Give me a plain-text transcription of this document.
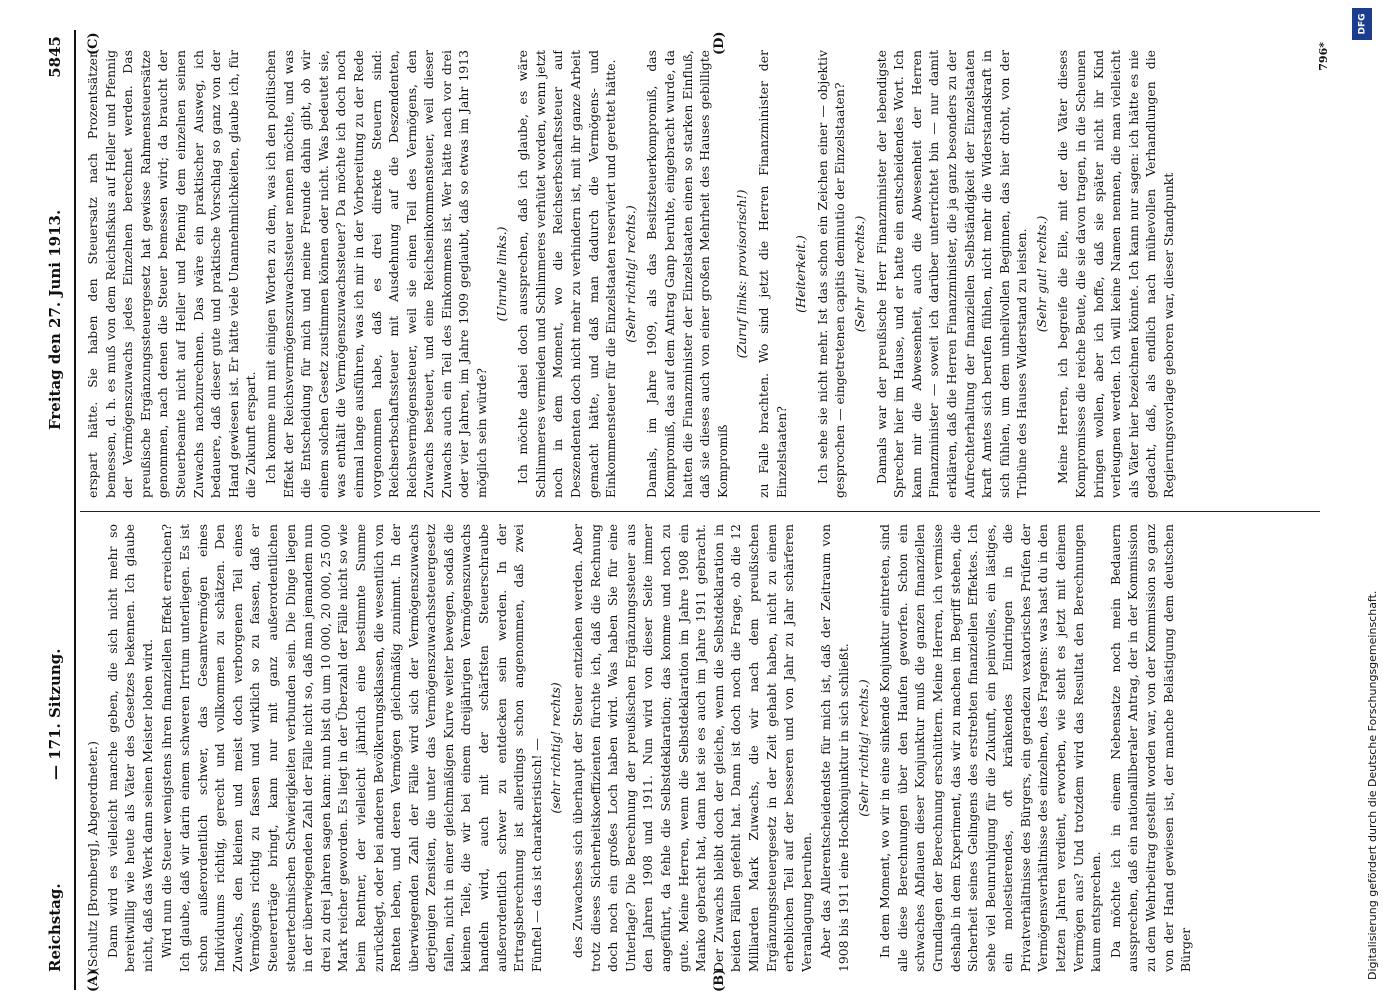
Reichstag.
— 171. Sitzung.
Freitag den 27. Juni 1913.
5845
(A)	(B)
(C)	(D)

(Schultz [Bromberg], Abgeordneter.) Dann wird es vielleicht manche geben, die sich nicht mehr so bereitwillig wie heute als Väter des Gesetzes bekennen. Ich glaube nicht, daß das Werk dann seinen Meister loben wird. Wird nun die Steuer wenigstens ihren finanziellen Effekt erreichen? Ich glaube, daß wir darin einem schweren Irrtum unterliegen. Es ist schon außerordentlich schwer, das Gesamtvermögen eines Individuums richtig, gerecht und vollkommen zu schätzen. Den Zuwachs, den kleinen und meist doch verborgenen Teil eines Vermögens richtig zu fassen und wirklich so zu fassen, daß er Steuererträge bringt, kann nur mit ganz außerordentlichen steuertechnischen Schwierigkeiten verbunden sein. Die Dinge liegen in der überwiegenden Zahl der Fälle nicht so, daß man jemandem nun drei zu drei Jahren sagen kann: nun bist du um 10 000, 20 000, 25 000 Mark reicher geworden. Es liegt in der Überzahl der Fälle nicht so wie beim Rentner, der vielleicht jährlich eine bestimmte Summe zurücklegt, oder bei anderen Bevölkerungsklassen, die wesentlich von Renten leben, und deren Vermögen gleichmäßig zunimmt. In der überwiegenden Zahl der Fälle wird sich der Vermögenszuwachs derjenigen Zensiten, die unter das Vermögenszuwachssteuergesetz fallen, nicht in einer gleichmäßigen Kurve weiter bewegen, sodaß die kleinen Teile, die wir bei einem dreijährigen Vermögenszuwachs handeln wird, auch mit der schärfsten Steuerschraube außerordentlich schwer zu entdecken sein werden. In der Ertragsberechnung ist allerdings schon angenommen, daß zwei Fünftel — das ist charakteristisch! — (sehr richtig! rechts) des Zuwachses sich überhaupt der Steuer entziehen werden. Aber trotz dieses Sicherheitskoeffizienten fürchte ich, daß die Rechnung doch noch ein großes Loch haben wird. Was haben Sie für eine Unterlage? Die Berechnung der preußischen Ergänzungssteuer aus den Jahren 1908 und 1911. Nun wird von dieser Seite immer angeführt, da fehle die Selbstdeklaration; das komme und noch zu gute. Meine Herren, wenn die Selbstdeklaration im Jahre 1908 ein Manko gebracht hat, dann hat sie es auch im Jahre 1911 gebracht. Der Zuwachs bleibt doch der gleiche, wenn die Selbstdeklaration in beiden Fällen gefehlt hat. Dann ist doch noch die Frage, ob die 12 Milliarden Mark Zuwachs, die wir nach dem preußischen Ergänzungssteuergesetz in der Zeit gehabt haben, nicht zu einem erheblichen Teil auf der besseren und von Jahr zu Jahr schärferen Veranlagung beruhen. Aber das Allerentscheidendste für mich ist, daß der Zeitraum von 1908 bis 1911 eine Hochkonjunktur in sich schließt. (Sehr richtig! rechts.) In dem Moment, wo wir in eine sinkende Konjunktur eintreten, sind alle diese Berechnungen über den Haufen geworfen. Schon ein schwaches Abflauen dieser Konjunktur muß die ganzen finanziellen Grundlagen der Berechnung erschüttern. Meine Herren, ich vermisse deshalb in dem Experiment, das wir zu machen im Begriff stehen, die Sicherheit seines Gelingens des erstrebten finanziellen Effektes. Ich sehe viel Beunruhigung für die Zukunft, ein peinvolles, ein lästiges, ein molestierendes, oft kränkendes Eindringen in die Privatverhältnisse des Bürgers, ein geradezu vexatorisches Prüfen der Vermögensverhältnisse des einzelnen, des Fragens: was hast du in den letzten Jahren verdient, erworben, wie steht es jetzt mit deinem Vermögen aus? Und trotzdem wird das Resultat den Berechnungen kaum entsprechen. Da möchte ich in einem Nebensatze noch mein Bedauern aussprechen, daß ein nationalliberaler Antrag, der in der Kommission zu dem Wehrbeitrag gestellt worden war, von der Kommission so ganz von der Hand gewiesen ist, der manche Belästigung dem deutschen Bürger

erspart hätte. Sie haben den Steuersatz nach Prozentsätzen bemessen, d. h. es muß von dem Reichsfiskus auf Heller und Pfennig der Vermögenszuwachs jedes Einzelnen berechnet werden. Das preußische Ergänzungssteuergesetz hat gewisse Rahmensteuersätze genommen, nach denen die Steuer bemessen wird; da braucht der Steuerbeamte nicht auf Heller und Pfennig dem einzelnen seinen Zuwachs nachzurechnen. Das wäre ein praktischer Ausweg, ich bedauere, daß dieser gute und praktische Vorschlag so ganz von der Hand gewiesen ist. Er hätte viele Unannehmlichkeiten, glaube ich, für die Zukunft erspart. Ich komme nun mit einigen Worten zu dem, was ich den politischen Effekt der Reichsvermögenszuwachssteuer nennen möchte, und was die Entscheidung für mich und meine Freunde dahin gibt, ob wir einem solchen Gesetz zustimmen können oder nicht. Was bedeutet sie, was enthält die Vermögenszuwachssteuer? Da möchte ich doch noch einmal lange ausführen, was ich mir in der Vorbereitung zu der Rede vorgenommen habe, daß es drei direkte Steuern sind: Reichserbschaftssteuer mit Ausdehnung auf die Deszendenten, Reichsvermögenssteuer, weil sie einen Teil des Vermögens, den Zuwachs besteuert, und eine Reichseinkommensteuer, weil dieser Zuwachs auch ein Teil des Einkommens ist. Wer hätte nach vor drei oder vier Jahren, im Jahre 1909 geglaubt, daß so etwas im Jahr 1913 möglich sein würde?

(Unruhe links.) Ich möchte dabei doch aussprechen, daß ich glaube, es wäre Schlimmeres vermieden und Schlimmeres verhütet worden, wenn jetzt noch in dem Moment, wo die Reichserbschaftssteuer auf Deszendenten doch nicht mehr zu verhindern ist, mit ihr ganze Arbeit gemacht hätte, und daß man dadurch die Vermögens- und Einkommensteuer für die Einzelstaaten reserviert und gerettet hätte. (Sehr richtig! rechts.) Damals, im Jahre 1909, als das Besitzsteuerkompromiß, das Kompromiß, das auf dem Antrag Ganp beruhte, eingebracht wurde, da hatten die Finanzminister der Einzelstaaten einen so starken Einfluß, daß sie dieses auch von einer großen Mehrheit des Hauses gebilligte Kompromiß

(Zuruf links: provisorisch!) zu Falle brachten. Wo sind jetzt die Herren Finanzminister der Einzelstaaten?

(Heiterkeit.) Ich sehe sie nicht mehr. Ist das schon ein Zeichen einer — objektiv gesprochen — eingetretenen capitis deminutio der Einzelstaaten? (Sehr gut! rechts.) Damals war der preußische Herr Finanzminister der lebendigste Sprecher hier im Hause, und er hatte ein entscheidendes Wort. Ich kann mir die Abwesenheit, auch die Abwesenheit der Herren Finanzminister — soweit ich darüber unterrichtet bin — nur damit erklären, daß die Herren Finanzminister, die ja ganz besonders zu der Aufrechterhaltung der finanziellen Selbständigkeit der Einzelstaaten kraft Amtes sich berufen fühlen, nicht mehr die Widerstandskraft in sich fühlen, um dem unheilvollen Beginnen, das hier droht, von der Tribüne des Hauses Widerstand zu leisten. (Sehr gut! rechts.) Meine Herren, ich begreife die Eile, mit der die Väter dieses Kompromisses die reiche Beute, die sie davon tragen, in die Scheunen bringen wollen, aber ich hoffe, daß sie später nicht ihr Kind verleugnen werden. Ich will keine Namen nennen, die man vielleicht als Väter hier bezeichnen könnte. Ich kann nur sagen: ich hätte es nie gedacht, daß, als endlich nach mühevollen Verhandlungen die Regierungsvorlage geboren war, dieser Standpunkt

796*
DFG
Digitalisierung gefördert durch die Deutsche Forschungsgemeinschaft.
